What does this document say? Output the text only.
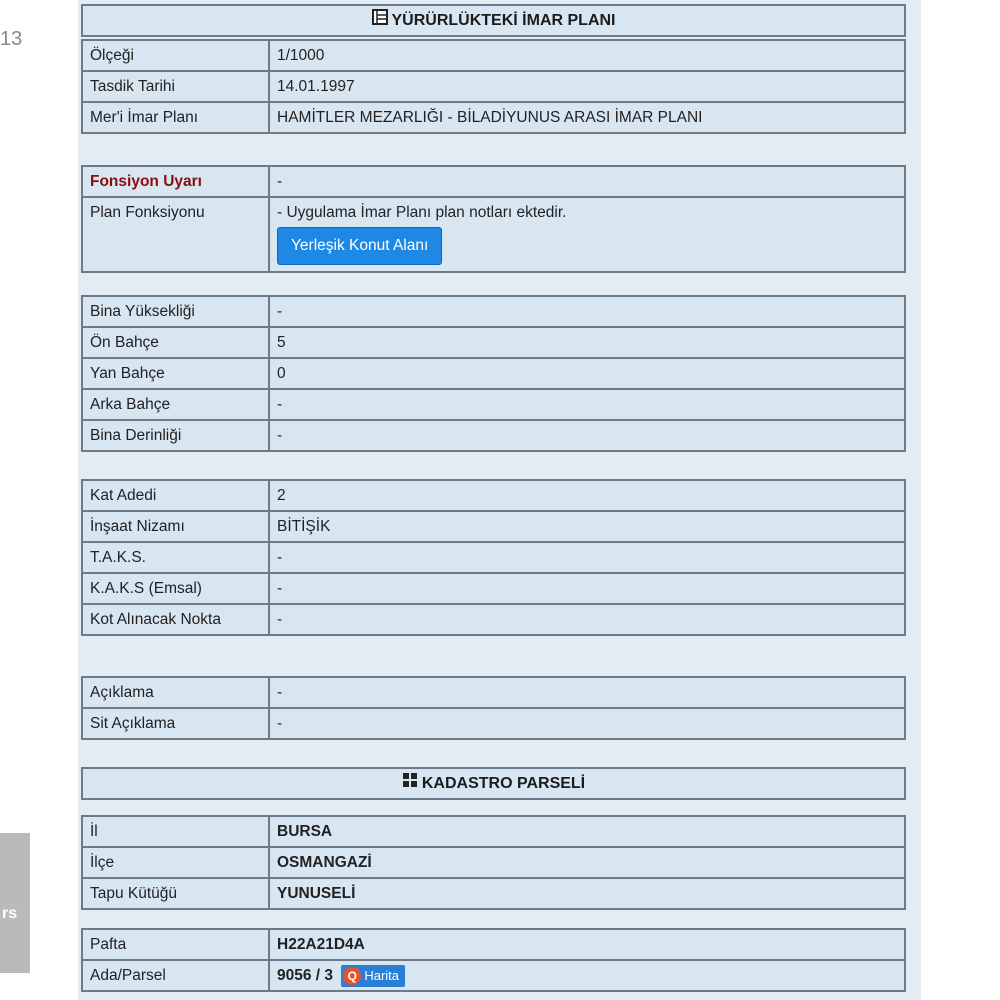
13
rs
YÜRÜRLÜKTEKİ İMAR PLANI
Ölçeği	1/1000
Tasdik Tarihi	14.01.1997
Mer'i İmar Planı	HAMİTLER MEZARLIĞI - BİLADİYUNUS ARASI İMAR PLANI
Fonsiyon Uyarı	-
Plan Fonksiyonu	- Uygulama İmar Planı plan notları ektedir.
Yerleşik Konut Alanı
Bina Yüksekliği	-
Ön Bahçe	5
Yan Bahçe	0
Arka Bahçe	-
Bina Derinliği	-
Kat Adedi	2
İnşaat Nizamı	BİTİŞİK
T.A.K.S.	-
K.A.K.S (Emsal)	-
Kot Alınacak Nokta	-
Açıklama	-
Sit Açıklama	-
KADASTRO PARSELİ
İl	BURSA
İlçe	OSMANGAZİ
Tapu Kütüğü	YUNUSELİ
Pafta	H22A21D4A
Ada/Parsel	9056 / 3 Q Harita
